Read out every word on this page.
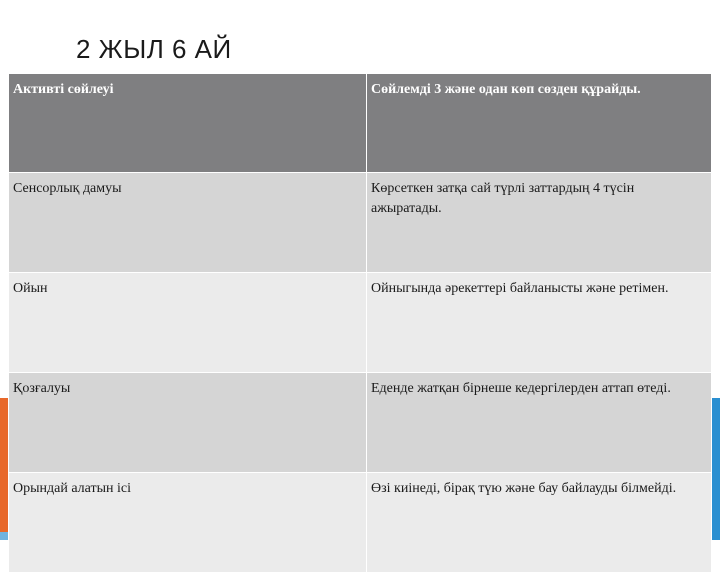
2 ЖЫЛ 6 АЙ
Активті сөйлеуі	Сөйлемді 3 және одан көп сөзден құрайды.
Сенсорлық дамуы	Көрсеткен затқа сай түрлі заттардың 4 түсін ажыратады.
Ойын	Ойныгында әрекеттері байланысты және ретімен.
Қозғалуы	Еденде жатқан бірнеше кедергілерден аттап өтеді.
Орындай алатын ісі	Өзі киінеді, бірақ түю және бау байлауды білмейді.
